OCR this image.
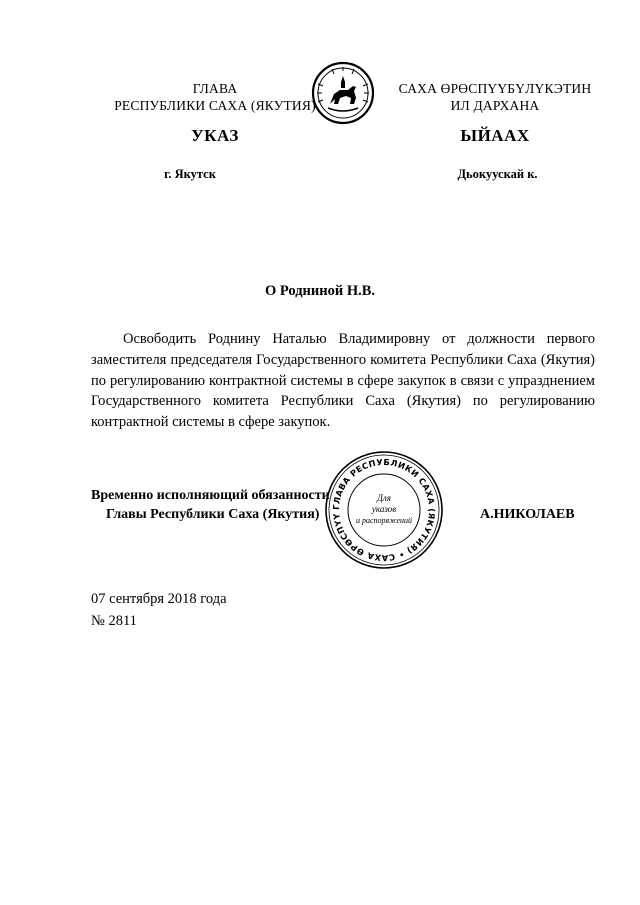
ГЛАВА
РЕСПУБЛИКИ САХА (ЯКУТИЯ)
САХА ӨРӨСПҮҮБҮЛҮКЭТИН
ИЛ ДАРХАНА
УКАЗ	ЫЙААХ
г. Якутск	Дьокуускай к.
О Родниной Н.В.
Освободить Роднину Наталью Владимировну от должности первого заместителя председателя Государственного комитета Республики Саха (Якутия) по регулированию контрактной системы в сфере закупок в связи с упразднением Государственного комитета Республики Саха (Якутия) по регулированию контрактной системы в сфере закупок.
Временно исполняющий обязанности
Главы Республики Саха (Якутия)	А.НИКОЛАЕВ
ГЛАВА РЕСПУБЛИКИ САХА (ЯКУТИЯ) • САХА ӨРӨСПҮҮ
Для
указов
и распоряжений
07 сентября 2018 года
№ 2811
